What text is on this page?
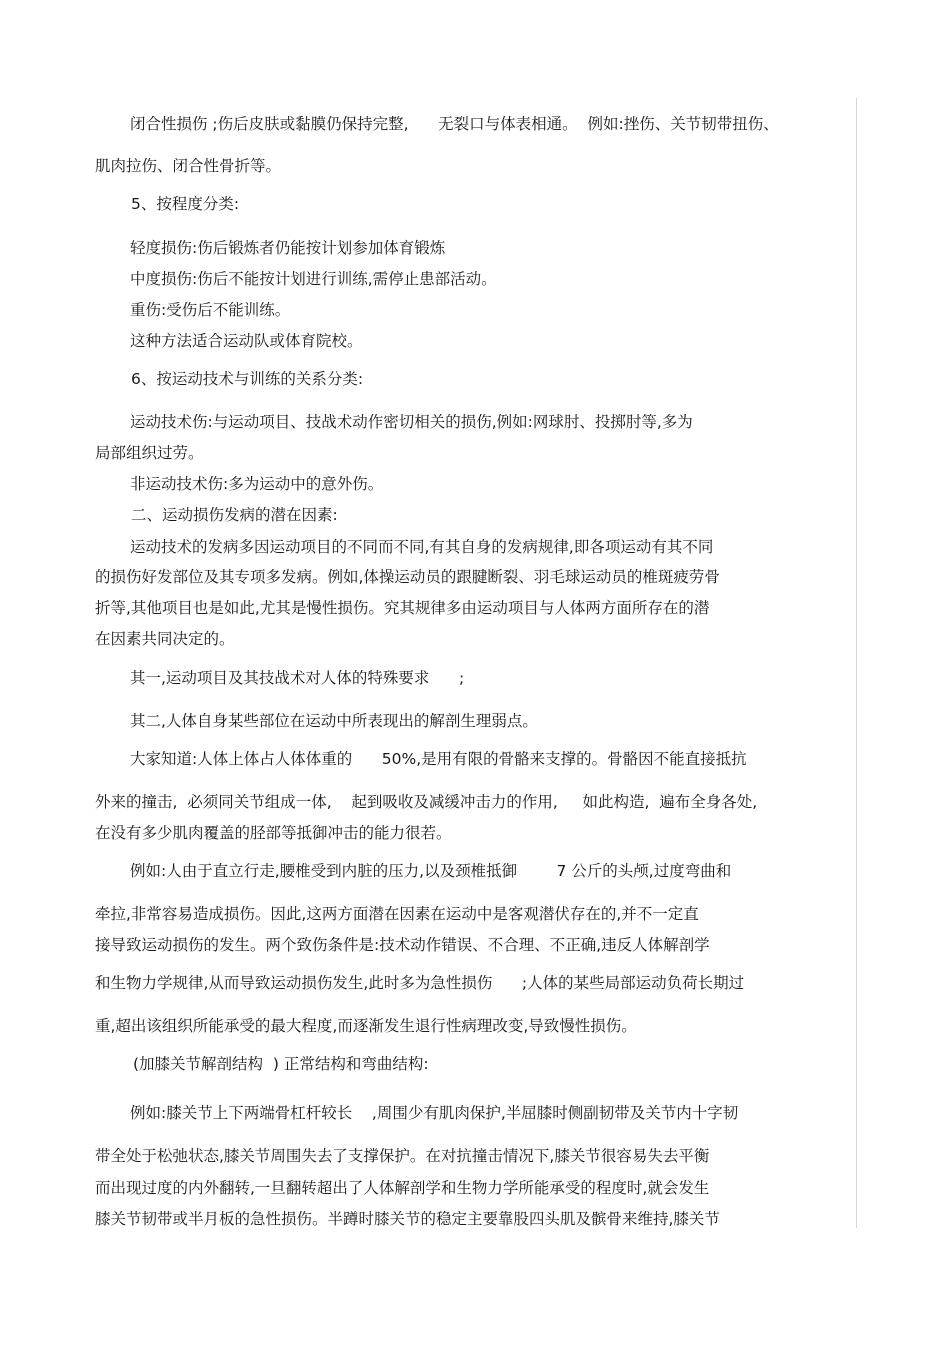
闭合性损伤 ;伤后皮肤或黏膜仍保持完整,      无裂口与体表相通。  例如:挫伤、关节韧带扭伤、
肌肉拉伤、闭合性骨折等。
5、按程度分类:
轻度损伤:伤后锻炼者仍能按计划参加体育锻炼
中度损伤:伤后不能按计划进行训练,需停止患部活动。
重伤:受伤后不能训练。
这种方法适合运动队或体育院校。
6、按运动技术与训练的关系分类:
运动技术伤:与运动项目、技战术动作密切相关的损伤,例如:网球肘、投掷肘等,多为
局部组织过劳。
非运动技术伤:多为运动中的意外伤。
二、运动损伤发病的潜在因素:
运动技术的发病多因运动项目的不同而不同,有其自身的发病规律,即各项运动有其不同
的损伤好发部位及其专项多发病。例如,体操运动员的跟腱断裂、羽毛球运动员的椎斑疲劳骨
折等,其他项目也是如此,尤其是慢性损伤。究其规律多由运动项目与人体两方面所存在的潜
在因素共同决定的。
其一,运动项目及其技战术对人体的特殊要求      ;
其二,人体自身某些部位在运动中所表现出的解剖生理弱点。
大家知道:人体上体占人体体重的      50%,是用有限的骨骼来支撑的。骨骼因不能直接抵抗
外来的撞击,  必须同关节组成一体,    起到吸收及减缓冲击力的作用,     如此构造,  遍布全身各处,
在没有多少肌肉覆盖的胫部等抵御冲击的能力很若。
例如:人由于直立行走,腰椎受到内脏的压力,以及颈椎抵御        7 公斤的头颅,过度弯曲和
牵拉,非常容易造成损伤。因此,这两方面潜在因素在运动中是客观潜伏存在的,并不一定直
接导致运动损伤的发生。两个致伤条件是:技术动作错误、不合理、不正确,违反人体解剖学
和生物力学规律,从而导致运动损伤发生,此时多为急性损伤      ;人体的某些局部运动负荷长期过
重,超出该组织所能承受的最大程度,而逐渐发生退行性病理改变,导致慢性损伤。
(加膝关节解剖结构  ) 正常结构和弯曲结构:
例如:膝关节上下两端骨杠杆较长    ,周围少有肌肉保护,半屈膝时侧副韧带及关节内十字韧
带全处于松弛状态,膝关节周围失去了支撑保护。在对抗撞击情况下,膝关节很容易失去平衡
而出现过度的内外翻转,一旦翻转超出了人体解剖学和生物力学所能承受的程度时,就会发生
膝关节韧带或半月板的急性损伤。半蹲时膝关节的稳定主要靠股四头肌及髌骨来维持,膝关节
